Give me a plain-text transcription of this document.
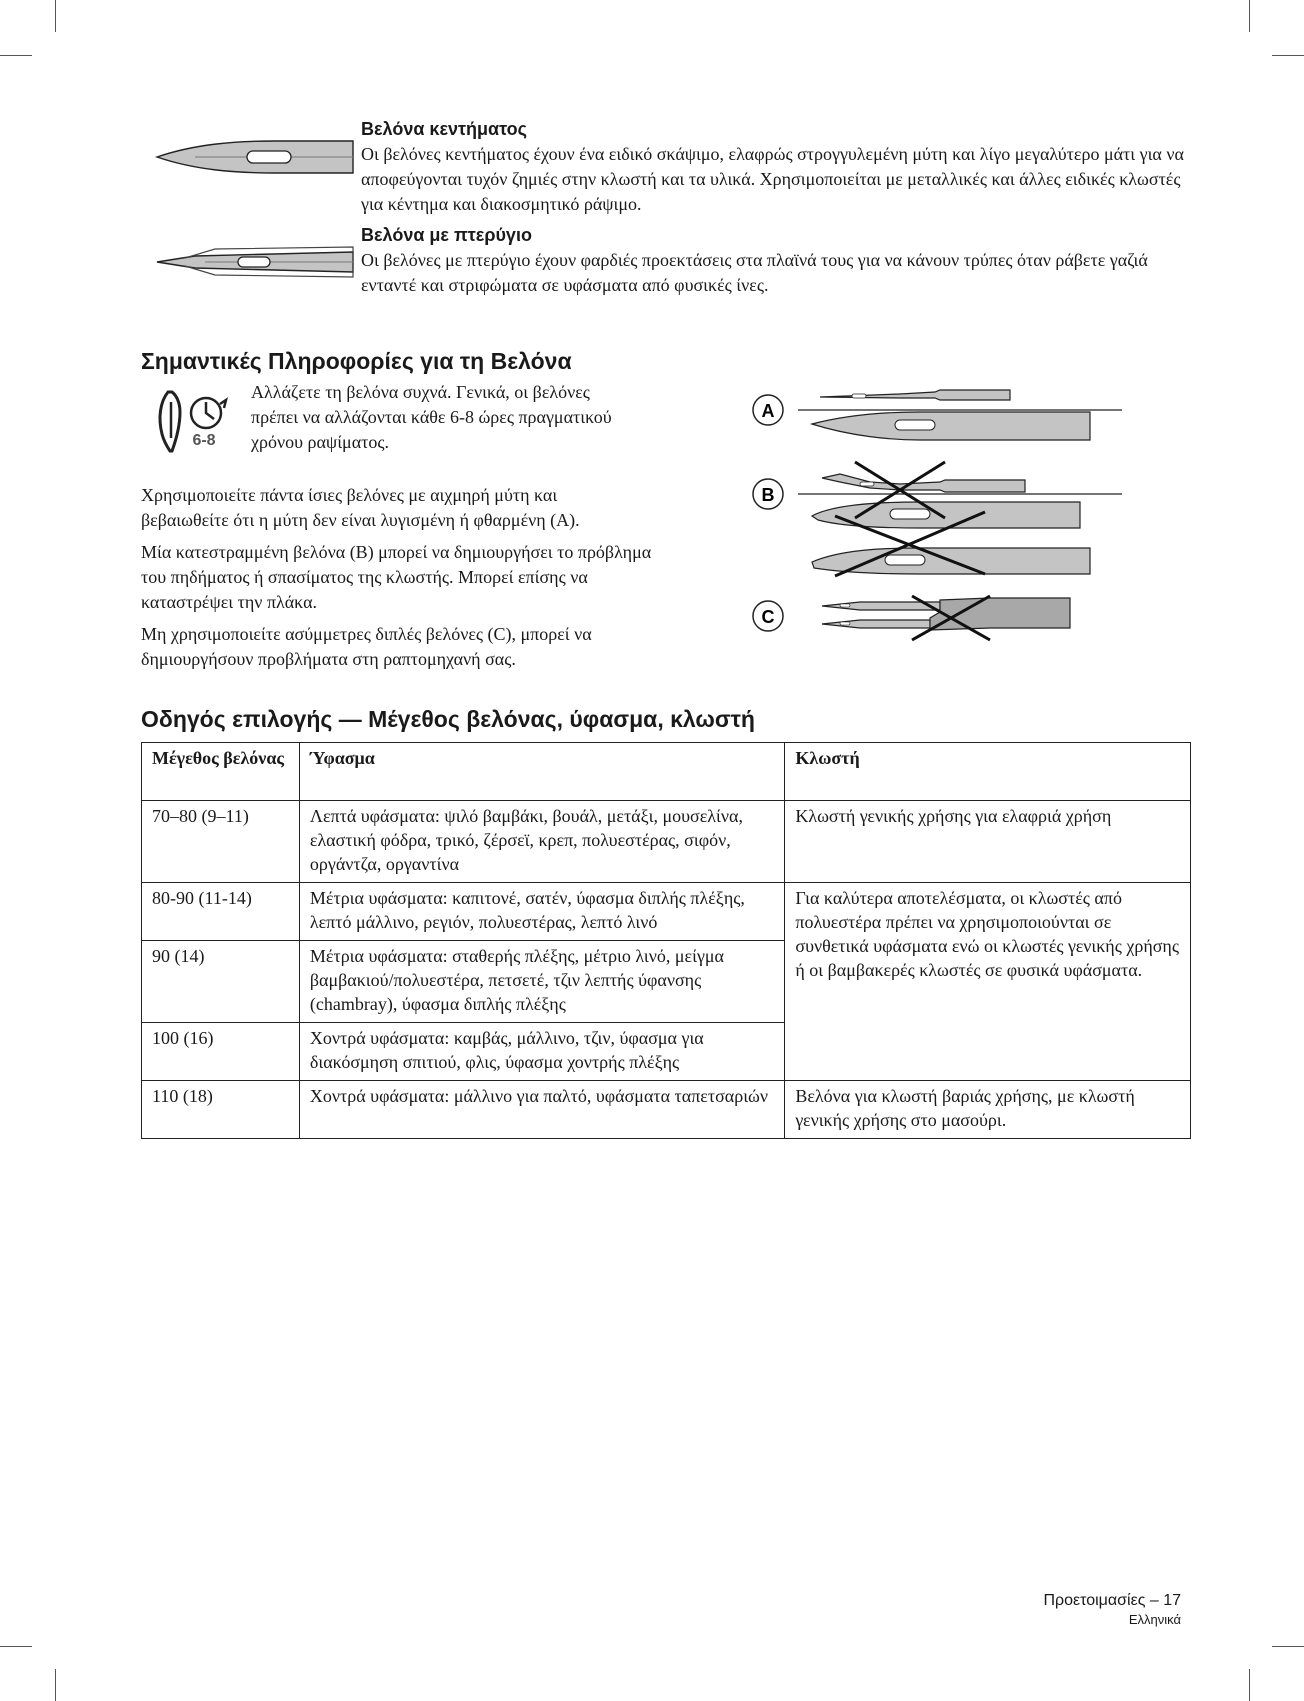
Βελόνα κεντήματος

Οι βελόνες κεντήματος έχουν ένα ειδικό σκάψιμο, ελαφρώς στρογγυλεμένη μύτη και λίγο μεγαλύτερο μάτι για να αποφεύγονται τυχόν ζημιές στην κλωστή και τα υλικά. Χρησιμοποιείται με μεταλλικές και άλλες ειδικές κλωστές για κέντημα και διακοσμητικό ράψιμο.

Βελόνα με πτερύγιο

Οι βελόνες με πτερύγιο έχουν φαρδιές προεκτάσεις στα πλαϊνά τους για να κάνουν τρύπες όταν ράβετε γαζιά ενταντέ και στριφώματα σε υφάσματα από φυσικές ίνες.

Σημαντικές Πληροφορίες για τη Βελόνα
6-8

Αλλάζετε τη βελόνα συχνά. Γενικά, οι βελόνες πρέπει να αλλάζονται κάθε 6-8 ώρες πραγματικού χρόνου ραψίματος.

Χρησιμοποιείτε πάντα ίσιες βελόνες με αιχμηρή μύτη και βεβαιωθείτε ότι η μύτη δεν είναι λυγισμένη ή φθαρμένη (A).

Μία κατεστραμμένη βελόνα (B) μπορεί να δημιουργήσει το πρόβλημα του πηδήματος ή σπασίματος της κλωστής. Μπορεί επίσης να καταστρέψει την πλάκα.

Μη χρησιμοποιείτε ασύμμετρες διπλές βελόνες (C), μπορεί να δημιουργήσουν προβλήματα στη ραπτομηχανή σας.

A
B
C
Οδηγός επιλογής — Μέγεθος βελόνας, ύφασμα, κλωστή
Μέγεθος βελόνας	Ύφασμα	Κλωστή
70–80 (9–11)	Λεπτά υφάσματα: ψιλό βαμβάκι, βουάλ, μετάξι, μουσελίνα, ελαστική φόδρα, τρικό, ζέρσεϊ, κρεπ, πολυεστέρας, σιφόν, οργάντζα, οργαντίνα	Κλωστή γενικής χρήσης για ελαφριά χρήση
80-90 (11-14)	Μέτρια υφάσματα: καπιτονέ, σατέν, ύφασμα διπλής πλέξης, λεπτό μάλλινο, ρεγιόν, πολυεστέρας, λεπτό λινό	Για καλύτερα αποτελέσματα, οι κλωστές από πολυεστέρα πρέπει να χρησιμοποιούνται σε συνθετικά υφάσματα ενώ οι κλωστές γενικής χρήσης ή οι βαμβακερές κλωστές σε φυσικά υφάσματα.
90 (14)	Μέτρια υφάσματα: σταθερής πλέξης, μέτριο λινό, μείγμα βαμβακιού/πολυεστέρα, πετσετέ, τζιν λεπτής ύφανσης (chambray), ύφασμα διπλής πλέξης	
100 (16)	Χοντρά υφάσματα: καμβάς, μάλλινο, τζιν, ύφασμα για διακόσμηση σπιτιού, φλις, ύφασμα χοντρής πλέξης	
110 (18)	Χοντρά υφάσματα: μάλλινο για παλτό, υφάσματα ταπετσαριών	Βελόνα για κλωστή βαριάς χρήσης, με κλωστή γενικής χρήσης στο μασούρι.
Προετοιμασίες – 17
Ελληνικά
